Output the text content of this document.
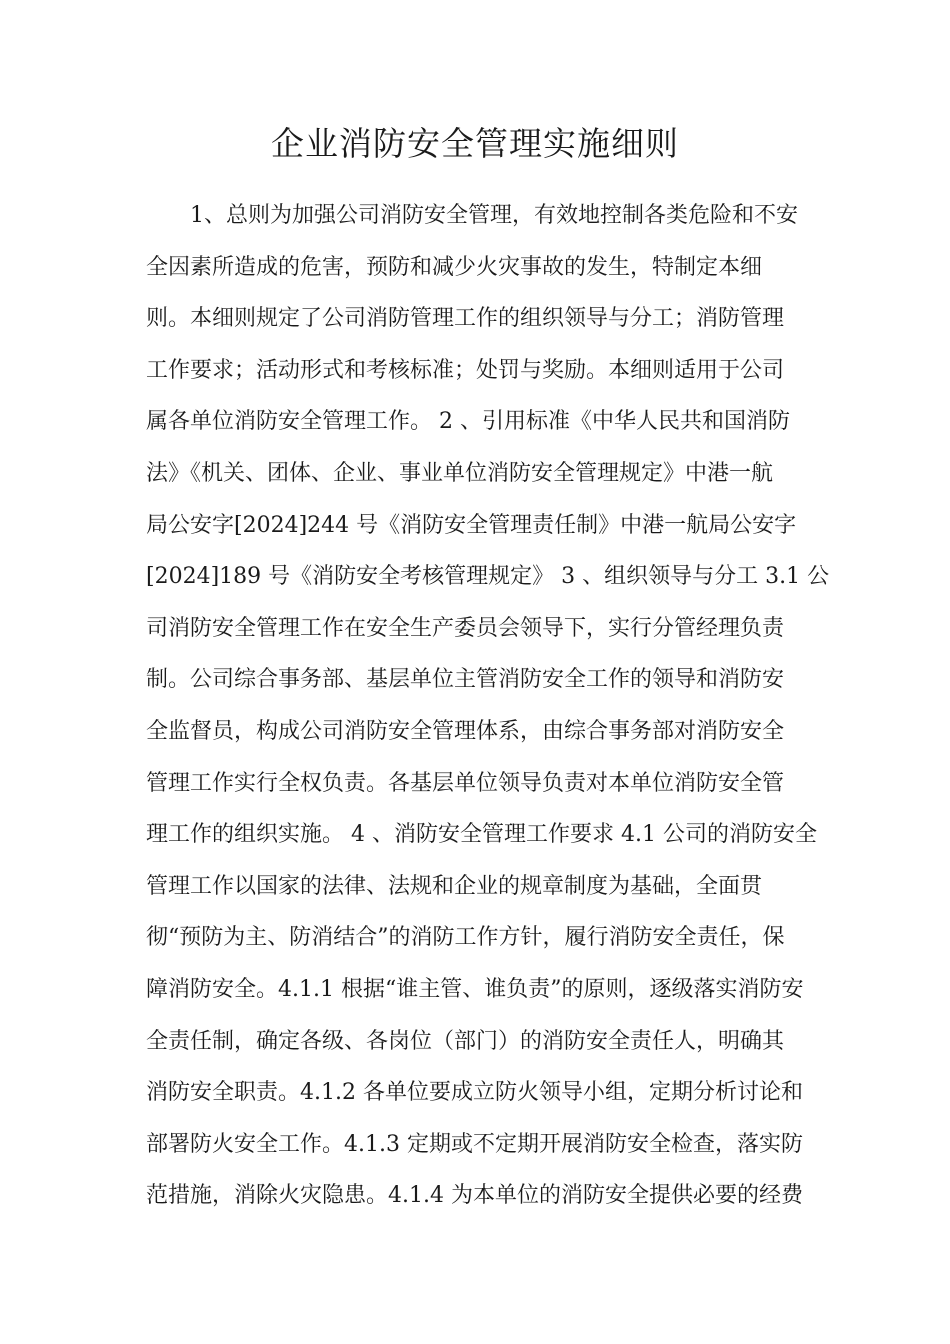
企业消防安全管理实施细则
1、总则为加强公司消防安全管理，有效地控制各类危险和不安
全因素所造成的危害，预防和减少火灾事故的发生，特制定本细
则。本细则规定了公司消防管理工作的组织领导与分工；消防管理
工作要求；活动形式和考核标准；处罚与奖励。本细则适用于公司
属各单位消防安全管理工作。 2 、引用标准《中华人民共和国消防
法》《机关、团体、企业、事业单位消防安全管理规定》中港一航
局公安字[2024]244 号《消防安全管理责任制》中港一航局公安字
[2024]189 号《消防安全考核管理规定》 3 、组织领导与分工 3.1 公
司消防安全管理工作在安全生产委员会领导下，实行分管经理负责
制。公司综合事务部、基层单位主管消防安全工作的领导和消防安
全监督员，构成公司消防安全管理体系，由综合事务部对消防安全
管理工作实行全权负责。各基层单位领导负责对本单位消防安全管
理工作的组织实施。 4 、消防安全管理工作要求 4.1 公司的消防安全
管理工作以国家的法律、法规和企业的规章制度为基础，全面贯
彻“预防为主、防消结合”的消防工作方针，履行消防安全责任，保
障消防安全。4.1.1 根据“谁主管、谁负责”的原则，逐级落实消防安
全责任制，确定各级、各岗位（部门）的消防安全责任人，明确其
消防安全职责。4.1.2 各单位要成立防火领导小组，定期分析讨论和
部署防火安全工作。4.1.3 定期或不定期开展消防安全检查，落实防
范措施，消除火灾隐患。4.1.4 为本单位的消防安全提供必要的经费
